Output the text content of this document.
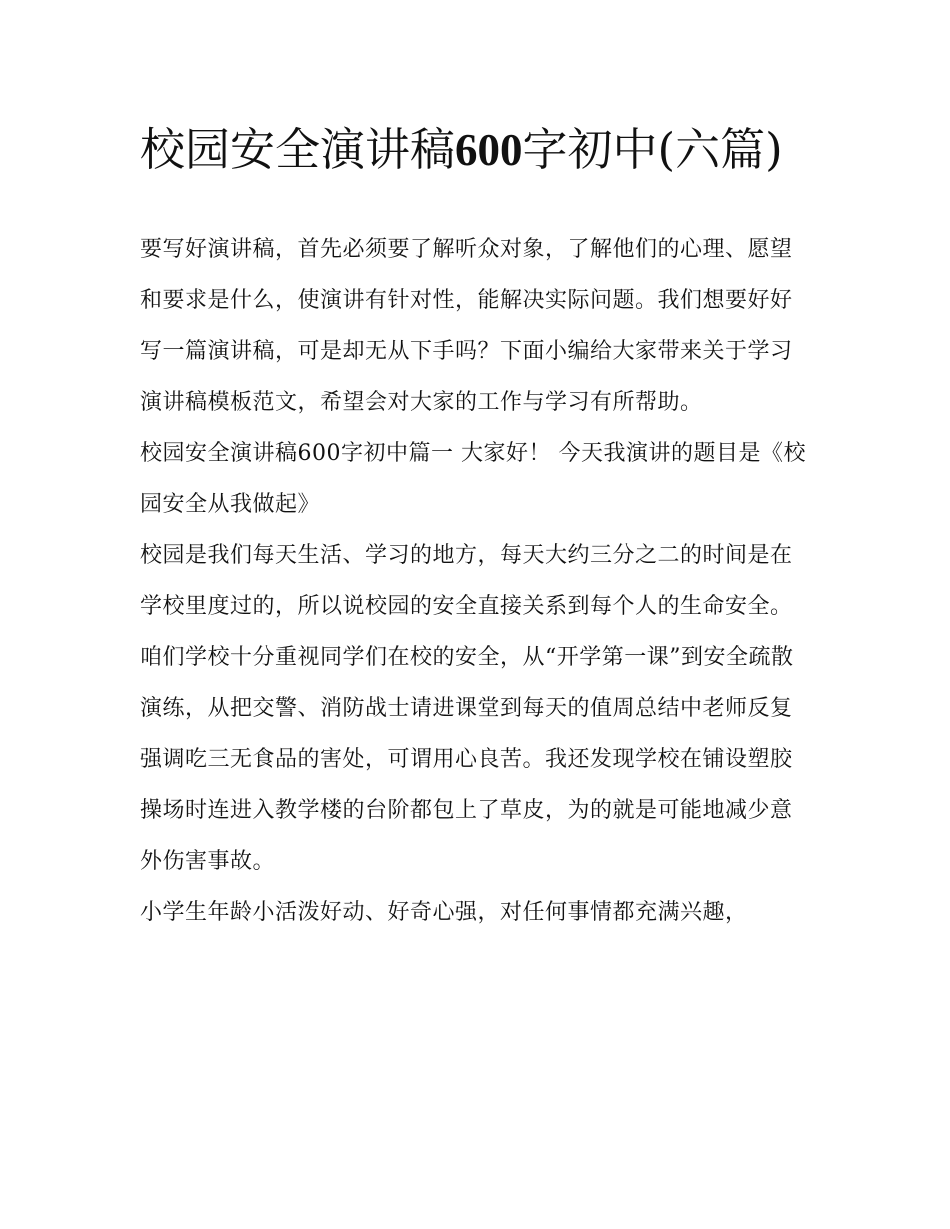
校园安全演讲稿600字初中(六篇)

要写好演讲稿，首先必须要了解听众对象，了解他们的心理、愿望和要求是什么，使演讲有针对性，能解决实际问题。我们想要好好写一篇演讲稿，可是却无从下手吗？下面小编给大家带来关于学习演讲稿模板范文，希望会对大家的工作与学习有所帮助。

校园安全演讲稿600字初中篇一 大家好！ 今天我演讲的题目是《校园安全从我做起》

校园是我们每天生活、学习的地方，每天大约三分之二的时间是在学校里度过的，所以说校园的安全直接关系到每个人的生命安全。

咱们学校十分重视同学们在校的安全，从“开学第一课”到安全疏散演练，从把交警、消防战士请进课堂到每天的值周总结中老师反复强调吃三无食品的害处，可谓用心良苦。我还发现学校在铺设塑胶操场时连进入教学楼的台阶都包上了草皮，为的就是可能地减少意外伤害事故。

小学生年龄小活泼好动、好奇心强，对任何事情都充满兴趣，
